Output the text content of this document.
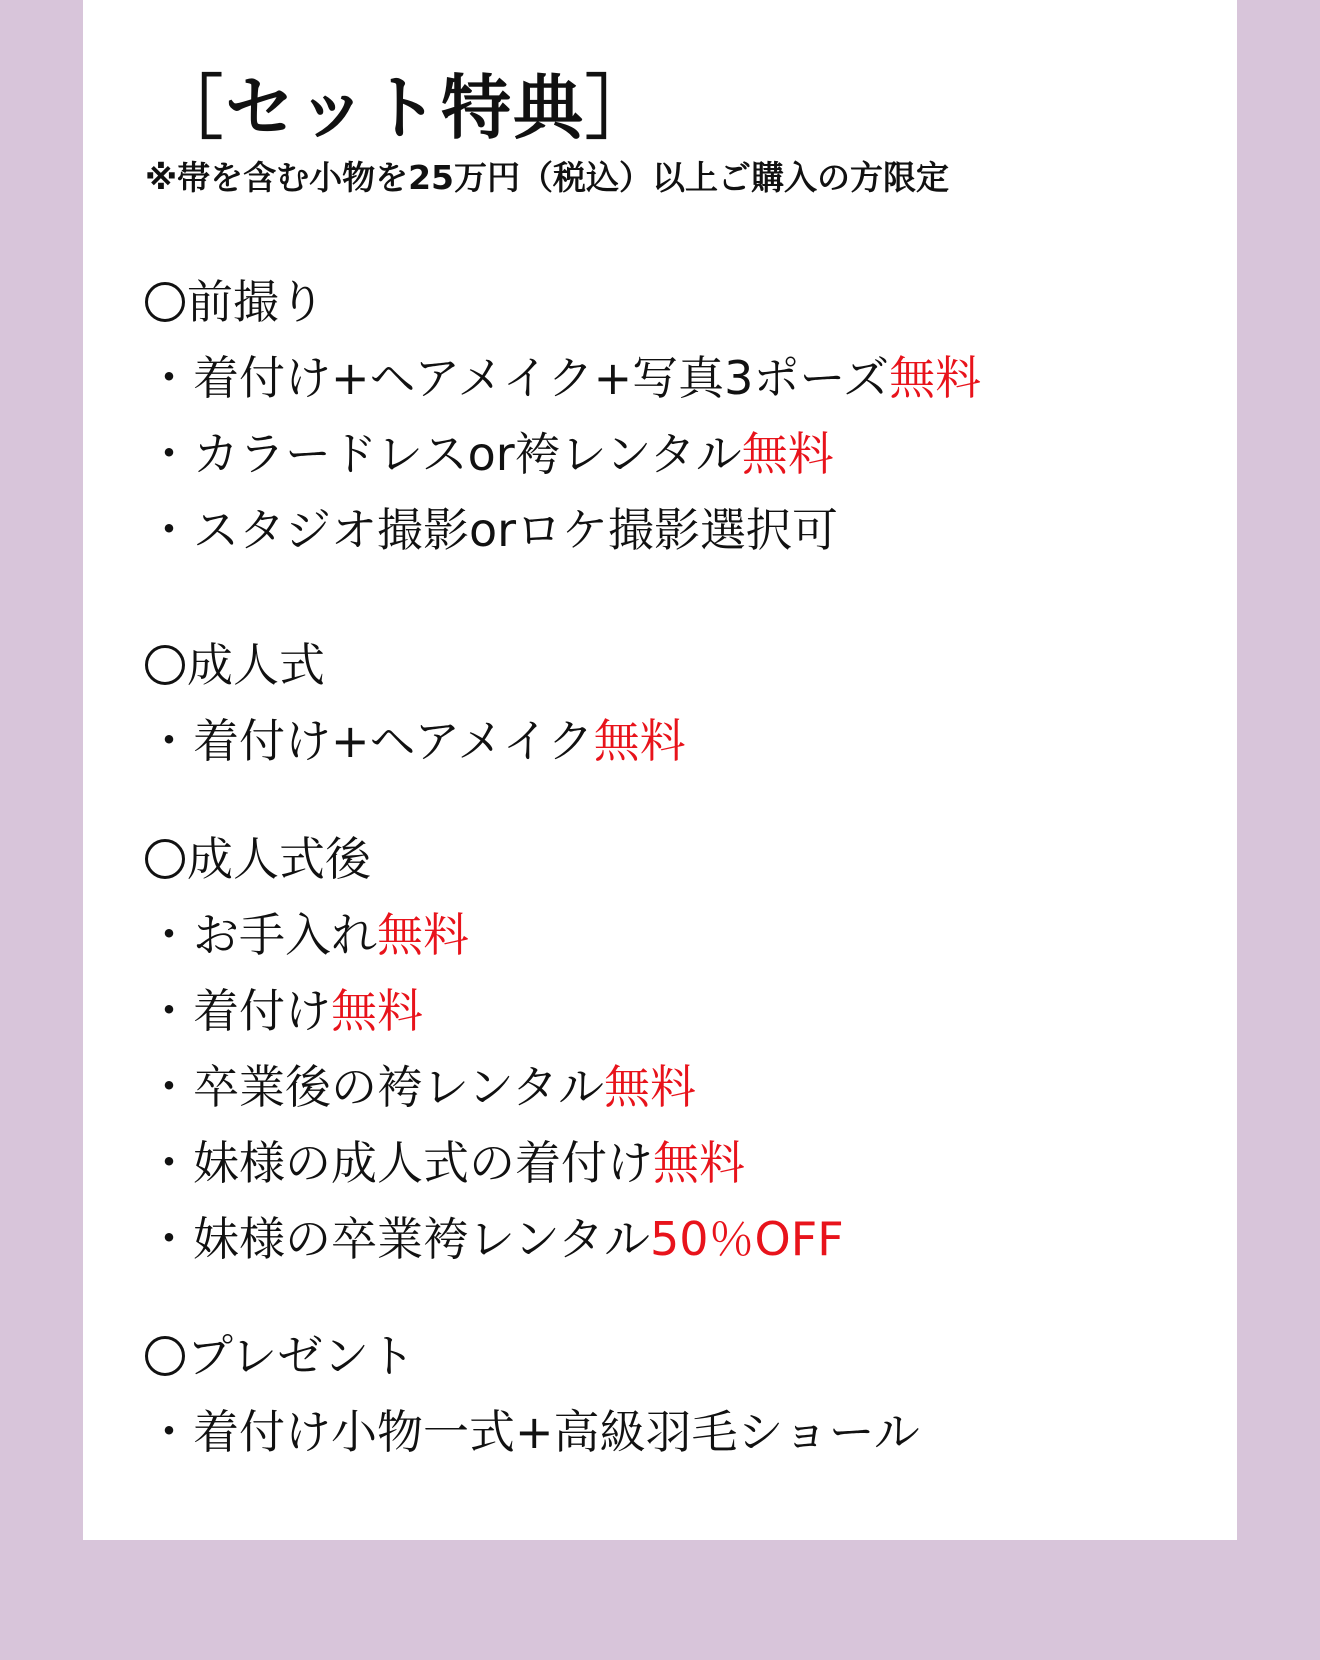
［セット特典］
※帯を含む小物を25万円（税込）以上ご購入の方限定
前撮り
・着付け+ヘアメイク+写真3ポーズ無料
・カラードレスor袴レンタル無料
・スタジオ撮影orロケ撮影選択可
成人式
・着付け+ヘアメイク無料
成人式後
・お手入れ無料
・着付け無料
・卒業後の袴レンタル無料
・妹様の成人式の着付け無料
・妹様の卒業袴レンタル50％OFF
プレゼント
・着付け小物一式+高級羽毛ショール
